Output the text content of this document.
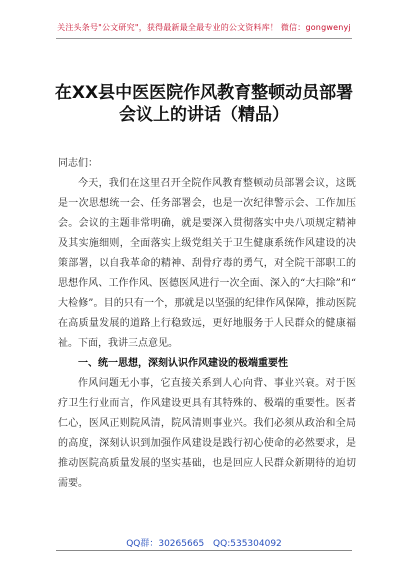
关注头条号"公文研究"，获得最新最全最专业的公文资料库！ 微信：gongwenyj
在XX县中医医院作风教育整顿动员部署
会议上的讲话（精品）

同志们：

今天，我们在这里召开全院作风教育整顿动员部署会议，这既是一次思想统一会、任务部署会，也是一次纪律警示会、工作加压会。会议的主题非常明确，就是要深入贯彻落实中央八项规定精神及其实施细则，全面落实上级党组关于卫生健康系统作风建设的决策部署，以自我革命的精神、刮骨疗毒的勇气，对全院干部职工的思想作风、工作作风、医德医风进行一次全面、深入的“大扫除”和“大检修”。目的只有一个，那就是以坚强的纪律作风保障，推动医院在高质量发展的道路上行稳致远，更好地服务于人民群众的健康福祉。下面，我讲三点意见。

一、统一思想，深刻认识作风建设的极端重要性

作风问题无小事，它直接关系到人心向背、事业兴衰。对于医疗卫生行业而言，作风建设更具有其特殊的、极端的重要性。医者仁心，医风正则院风清，院风清则事业兴。我们必须从政治和全局的高度，深刻认识到加强作风建设是践行初心使命的必然要求，是推动医院高质量发展的坚实基础，也是回应人民群众新期待的迫切需要。

QQ群：30265665 QQ:535304092
